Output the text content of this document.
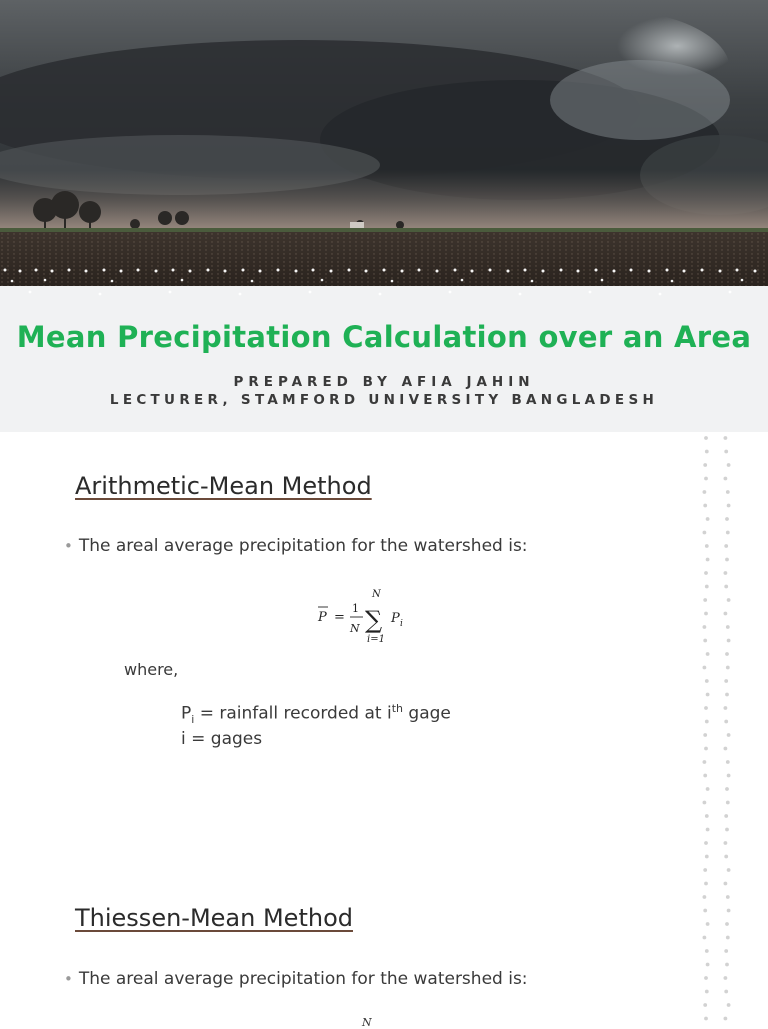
Mean Precipitation Calculation over an Area
PREPARED BY AFIA JAHIN
LECTURER, STAMFORD UNIVERSITY BANGLADESH
Arithmetic-Mean Method
• The areal average precipitation for the watershed is:
P =
1
N
N
∑
i=1
P i
where,
$P_i$ = rainfall recorded at $i^{th}$ gage
i = gages
Thiessen-Mean Method
• The areal average precipitation for the watershed is:
N
